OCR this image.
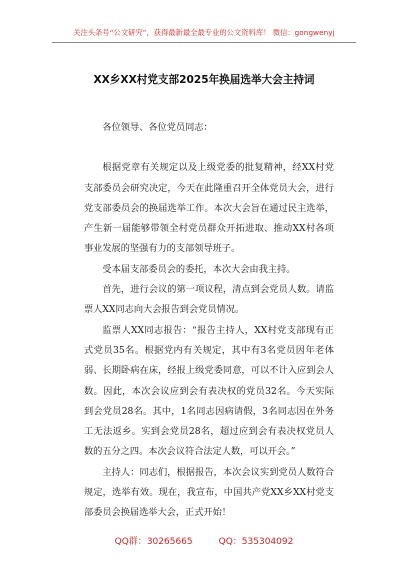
关注头条号“公文研究”，获得最新最全最专业的公文资料库！ 微信：gongwenyj
XX乡XX村党支部2025年换届选举大会主持词

各位领导、各位党员同志：

根据党章有关规定以及上级党委的批复精神，经XX村党支部委员会研究决定，今天在此隆重召开全体党员大会，进行党支部委员会的换届选举工作。本次大会旨在通过民主选举，产生新一届能够带领全村党员群众开拓进取、推动XX村各项事业发展的坚强有力的支部领导班子。

受本届支部委员会的委托，本次大会由我主持。

首先，进行会议的第一项议程，清点到会党员人数。请监票人XX同志向大会报告到会党员情况。

监票人XX同志报告：“报告主持人，XX村党支部现有正式党员35名。根据党内有关规定，其中有3名党员因年老体弱、长期卧病在床，经报上级党委同意，可以不计入应到会人数。因此，本次会议应到会有表决权的党员32名。今天实际到会党员28名。其中，1名同志因病请假，3名同志因在外务工无法返乡。实到会党员28名，超过应到会有表决权党员人数的五分之四。本次会议符合法定人数，可以开会。”

主持人：同志们，根据报告，本次会议实到党员人数符合规定，选举有效。现在，我宣布，中国共产党XX乡XX村党支部委员会换届选举大会，正式开始！

QQ群：30265665	QQ：535304092
